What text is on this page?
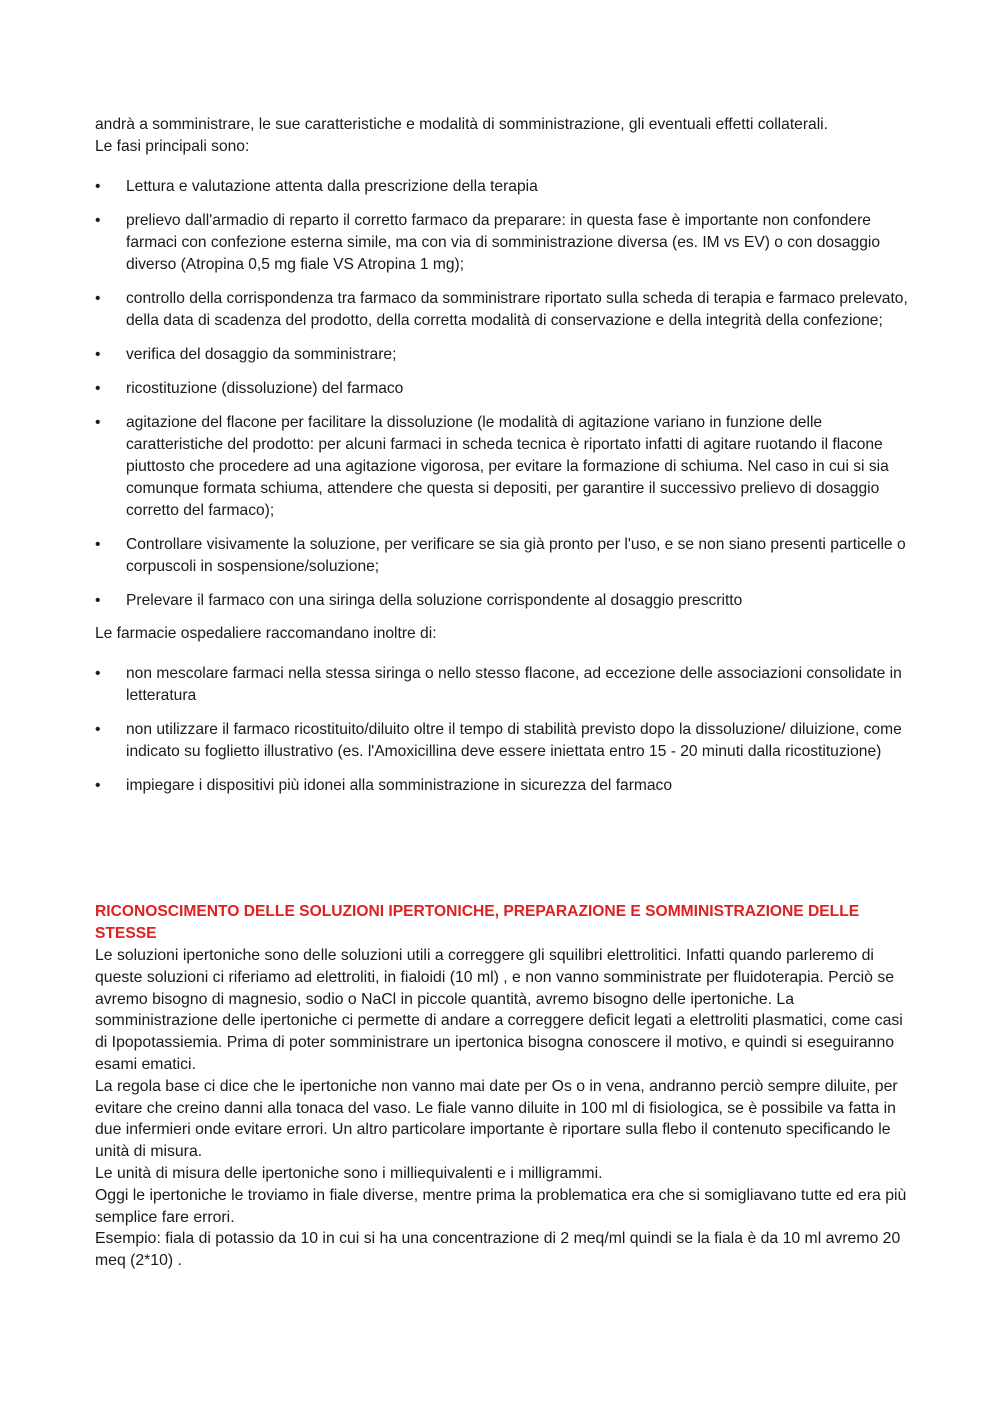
andrà a somministrare, le sue caratteristiche e modalità di somministrazione, gli eventuali effetti collaterali.
Le fasi principali sono:
• Lettura e valutazione attenta dalla prescrizione della terapia
• prelievo dall'armadio di reparto il corretto farmaco da preparare: in questa fase è importante non confondere farmaci con confezione esterna simile, ma con via di somministrazione diversa (es. IM vs EV) o con dosaggio diverso (Atropina 0,5 mg fiale VS Atropina 1 mg);
• controllo della corrispondenza tra farmaco da somministrare riportato sulla scheda di terapia e farmaco prelevato, della data di scadenza del prodotto, della corretta modalità di conservazione e della integrità della confezione;
• verifica del dosaggio da somministrare;
• ricostituzione (dissoluzione) del farmaco
• agitazione del flacone per facilitare la dissoluzione (le modalità di agitazione variano in funzione delle caratteristiche del prodotto: per alcuni farmaci in scheda tecnica è riportato infatti di agitare ruotando il flacone piuttosto che procedere ad una agitazione vigorosa, per evitare la formazione di schiuma. Nel caso in cui si sia comunque formata schiuma, attendere che questa si depositi, per garantire il successivo prelievo di dosaggio corretto del farmaco);
• Controllare visivamente la soluzione, per verificare se sia già pronto per l'uso, e se non siano presenti particelle o corpuscoli in sospensione/soluzione;
• Prelevare il farmaco con una siringa della soluzione corrispondente al dosaggio prescritto

Le farmacie ospedaliere raccomandano inoltre di:

• non mescolare farmaci nella stessa siringa o nello stesso flacone, ad eccezione delle associazioni consolidate in letteratura
• non utilizzare il farmaco ricostituito/diluito oltre il tempo di stabilità previsto dopo la dissoluzione/ diluizione, come indicato su foglietto illustrativo (es. l'Amoxicillina deve essere iniettata entro 15 - 20 minuti dalla ricostituzione)
• impiegare i dispositivi più idonei alla somministrazione in sicurezza del farmaco
RICONOSCIMENTO DELLE SOLUZIONI IPERTONICHE, PREPARAZIONE E SOMMINISTRAZIONE DELLE STESSE

Le soluzioni ipertoniche sono delle soluzioni utili a correggere gli squilibri elettrolitici. Infatti quando parleremo di queste soluzioni ci riferiamo ad elettroliti, in fialoidi (10 ml) , e non vanno somministrate per fluidoterapia. Perciò se avremo bisogno di magnesio, sodio o NaCl in piccole quantità, avremo bisogno delle ipertoniche. La somministrazione delle ipertoniche ci permette di andare a correggere deficit legati a elettroliti plasmatici, come casi di Ipopotassiemia. Prima di poter somministrare un ipertonica bisogna conoscere il motivo, e quindi si eseguiranno esami ematici.

La regola base ci dice che le ipertoniche non vanno mai date per Os o in vena, andranno perciò sempre diluite, per evitare che creino danni alla tonaca del vaso. Le fiale vanno diluite in 100 ml di fisiologica, se è possibile va fatta in due infermieri onde evitare errori. Un altro particolare importante è riportare sulla flebo il contenuto specificando le unità di misura.

Le unità di misura delle ipertoniche sono i milliequivalenti e i milligrammi.

Oggi le ipertoniche le troviamo in fiale diverse, mentre prima la problematica era che si somigliavano tutte ed era più semplice fare errori.

Esempio: fiala di potassio da 10 in cui si ha una concentrazione di 2 meq/ml quindi se la fiala è da 10 ml avremo 20 meq (2*10) .
